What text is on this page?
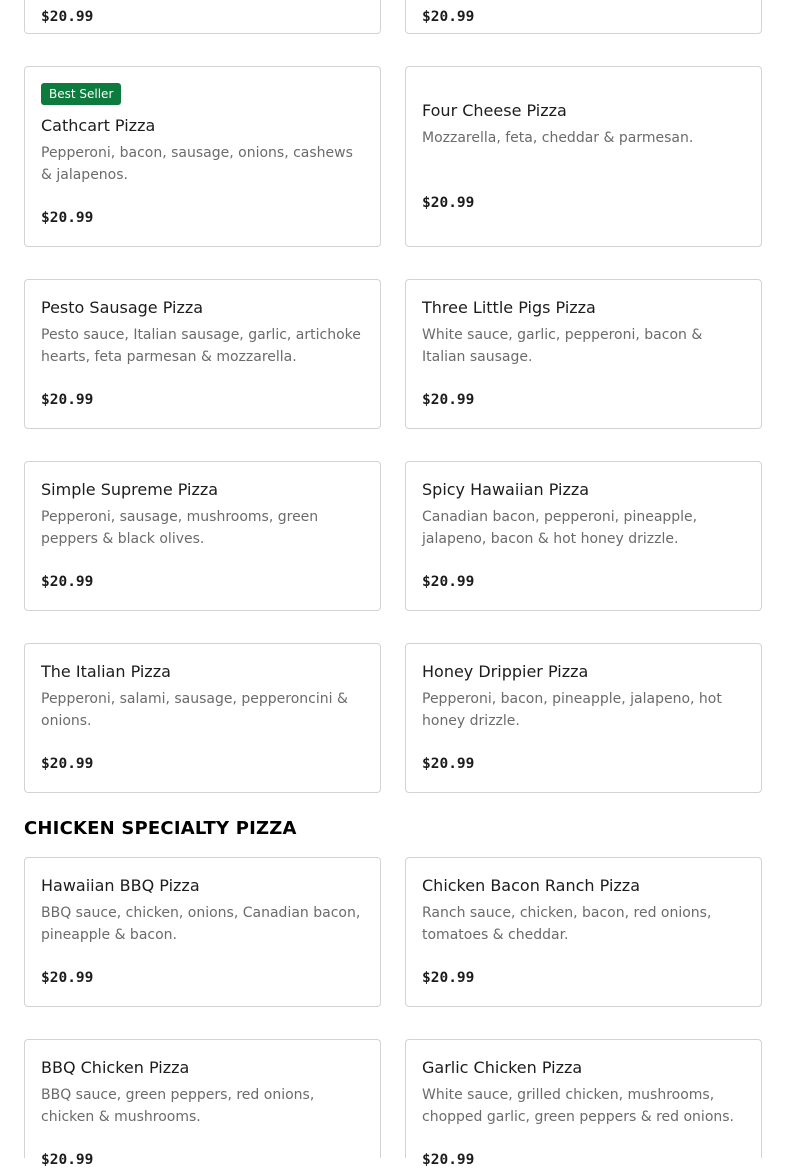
$20.99	$20.99
Best Seller
Cathcart Pizza
Pepperoni, bacon, sausage, onions, cashews & jalapenos.
$20.99
Four Cheese Pizza
Mozzarella, feta, cheddar & parmesan.
$20.99
Pesto Sausage Pizza
Pesto sauce, Italian sausage, garlic, artichoke hearts, feta parmesan & mozzarella.
$20.99
Three Little Pigs Pizza
White sauce, garlic, pepperoni, bacon & Italian sausage.
$20.99
Simple Supreme Pizza
Pepperoni, sausage, mushrooms, green peppers & black olives.
$20.99
Spicy Hawaiian Pizza
Canadian bacon, pepperoni, pineapple, jalapeno, bacon & hot honey drizzle.
$20.99
The Italian Pizza
Pepperoni, salami, sausage, pepperoncini & onions.
$20.99
Honey Drippier Pizza
Pepperoni, bacon, pineapple, jalapeno, hot honey drizzle.
$20.99
CHICKEN SPECIALTY PIZZA
Hawaiian BBQ Pizza
BBQ sauce, chicken, onions, Canadian bacon, pineapple & bacon.
$20.99
Chicken Bacon Ranch Pizza
Ranch sauce, chicken, bacon, red onions, tomatoes & cheddar.
$20.99
BBQ Chicken Pizza
BBQ sauce, green peppers, red onions, chicken & mushrooms.
$20.99
Garlic Chicken Pizza
White sauce, grilled chicken, mushrooms, chopped garlic, green peppers & red onions.
$20.99
